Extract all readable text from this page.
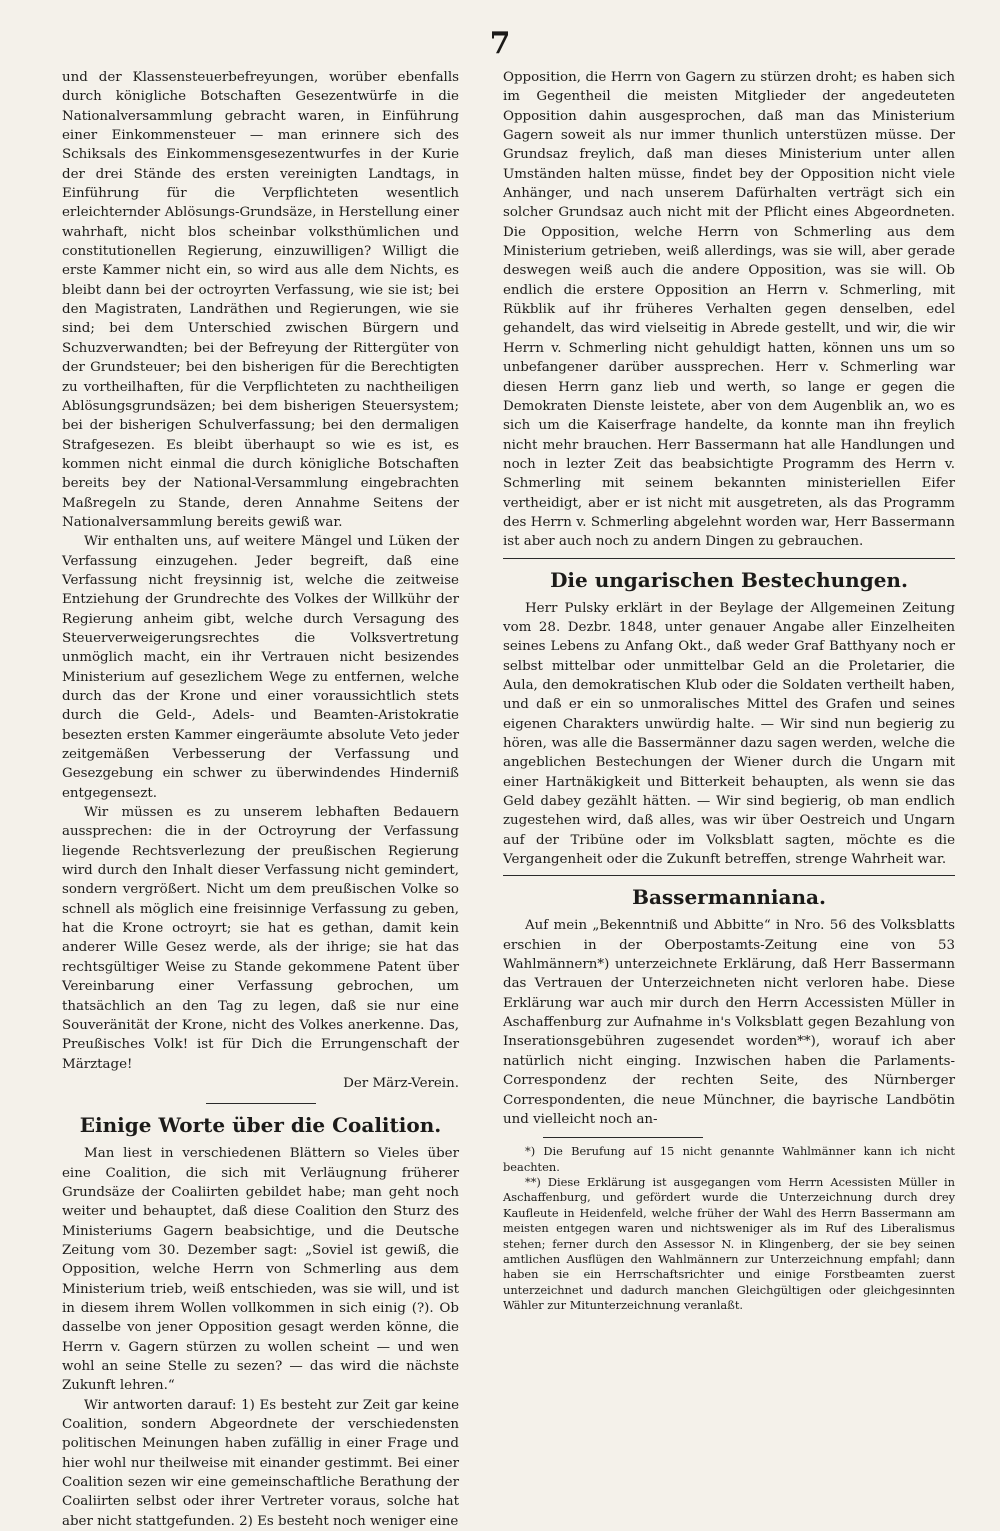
7

und der Klassensteuerbefreyungen, worüber ebenfalls durch königliche Botschaften Gesezentwürfe in die Nationalversammlung gebracht waren, in Einführung einer Einkommensteuer — man erinnere sich des Schiksals des Einkommensgesezentwurfes in der Kurie der drei Stände des ersten vereinigten Landtags, in Einführung für die Verpflichteten wesentlich erleichternder Ablösungs-Grundsäze, in Herstellung einer wahrhaft, nicht blos scheinbar volksthümlichen und constitutionellen Regierung, einzuwilligen? Willigt die erste Kammer nicht ein, so wird aus alle dem Nichts, es bleibt dann bei der octroyrten Verfassung, wie sie ist; bei den Magistraten, Landräthen und Regierungen, wie sie sind; bei dem Unterschied zwischen Bürgern und Schuzverwandten; bei der Befreyung der Rittergüter von der Grundsteuer; bei den bisherigen für die Berechtigten zu vortheilhaften, für die Verpflichteten zu nachtheiligen Ablösungsgrundsäzen; bei dem bisherigen Steuersystem; bei der bisherigen Schulverfassung; bei den dermaligen Strafgesezen. Es bleibt überhaupt so wie es ist, es kommen nicht einmal die durch königliche Botschaften bereits bey der National-Versammlung eingebrachten Maßregeln zu Stande, deren Annahme Seitens der Nationalversammlung bereits gewiß war.

Wir enthalten uns, auf weitere Mängel und Lüken der Verfassung einzugehen. Jeder begreift, daß eine Verfassung nicht freysinnig ist, welche die zeitweise Entziehung der Grundrechte des Volkes der Willkühr der Regierung anheim gibt, welche durch Versagung des Steuerverweigerungsrechtes die Volksvertretung unmöglich macht, ein ihr Vertrauen nicht besizendes Ministerium auf gesezlichem Wege zu entfernen, welche durch das der Krone und einer voraussichtlich stets durch die Geld-, Adels- und Beamten-Aristokratie besezten ersten Kammer eingeräumte absolute Veto jeder zeitgemäßen Verbesserung der Verfassung und Gesezgebung ein schwer zu überwindendes Hinderniß entgegensezt.

Wir müssen es zu unserem lebhaften Bedauern aussprechen: die in der Octroyrung der Verfassung liegende Rechtsverlezung der preußischen Regierung wird durch den Inhalt dieser Verfassung nicht gemindert, sondern vergrößert. Nicht um dem preußischen Volke so schnell als möglich eine freisinnige Verfassung zu geben, hat die Krone octroyrt; sie hat es gethan, damit kein anderer Wille Gesez werde, als der ihrige; sie hat das rechtsgültiger Weise zu Stande gekommene Patent über Vereinbarung einer Verfassung gebrochen, um thatsächlich an den Tag zu legen, daß sie nur eine Souveränität der Krone, nicht des Volkes anerkenne. Das, Preußisches Volk! ist für Dich die Errungenschaft der Märztage!

Der März-Verein.

Einige Worte über die Coalition.

Man liest in verschiedenen Blättern so Vieles über eine Coalition, die sich mit Verläugnung früherer Grundsäze der Coaliirten gebildet habe; man geht noch weiter und behauptet, daß diese Coalition den Sturz des Ministeriums Gagern beabsichtige, und die Deutsche Zeitung vom 30. Dezember sagt: „Soviel ist gewiß, die Opposition, welche Herrn von Schmerling aus dem Ministerium trieb, weiß entschieden, was sie will, und ist in diesem ihrem Wollen vollkommen in sich einig (?). Ob dasselbe von jener Opposition gesagt werden könne, die Herrn v. Gagern stürzen zu wollen scheint — und wen wohl an seine Stelle zu sezen? — das wird die nächste Zukunft lehren.“

Wir antworten darauf: 1) Es besteht zur Zeit gar keine Coalition, sondern Abgeordnete der verschiedensten politischen Meinungen haben zufällig in einer Frage und hier wohl nur theilweise mit einander gestimmt. Bei einer Coalition sezen wir eine gemeinschaftliche Berathung der Coaliirten selbst oder ihrer Vertreter voraus, solche hat aber nicht stattgefunden. 2) Es besteht noch weniger eine

Opposition, die Herrn von Gagern zu stürzen droht; es haben sich im Gegentheil die meisten Mitglieder der angedeuteten Opposition dahin ausgesprochen, daß man das Ministerium Gagern soweit als nur immer thunlich unterstüzen müsse. Der Grundsaz freylich, daß man dieses Ministerium unter allen Umständen halten müsse, findet bey der Opposition nicht viele Anhänger, und nach unserem Dafürhalten verträgt sich ein solcher Grundsaz auch nicht mit der Pflicht eines Abgeordneten. Die Opposition, welche Herrn von Schmerling aus dem Ministerium getrieben, weiß allerdings, was sie will, aber gerade deswegen weiß auch die andere Opposition, was sie will. Ob endlich die erstere Opposition an Herrn v. Schmerling, mit Rükblik auf ihr früheres Verhalten gegen denselben, edel gehandelt, das wird vielseitig in Abrede gestellt, und wir, die wir Herrn v. Schmerling nicht gehuldigt hatten, können uns um so unbefangener darüber aussprechen. Herr v. Schmerling war diesen Herrn ganz lieb und werth, so lange er gegen die Demokraten Dienste leistete, aber von dem Augenblik an, wo es sich um die Kaiserfrage handelte, da konnte man ihn freylich nicht mehr brauchen. Herr Bassermann hat alle Handlungen und noch in lezter Zeit das beabsichtigte Programm des Herrn v. Schmerling mit seinem bekannten ministeriellen Eifer vertheidigt, aber er ist nicht mit ausgetreten, als das Programm des Herrn v. Schmerling abgelehnt worden war, Herr Bassermann ist aber auch noch zu andern Dingen zu gebrauchen.

Die ungarischen Bestechungen.

Herr Pulsky erklärt in der Beylage der Allgemeinen Zeitung vom 28. Dezbr. 1848, unter genauer Angabe aller Einzelheiten seines Lebens zu Anfang Okt., daß weder Graf Batthyany noch er selbst mittelbar oder unmittelbar Geld an die Proletarier, die Aula, den demokratischen Klub oder die Soldaten vertheilt haben, und daß er ein so unmoralisches Mittel des Grafen und seines eigenen Charakters unwürdig halte. — Wir sind nun begierig zu hören, was alle die Bassermänner dazu sagen werden, welche die angeblichen Bestechungen der Wiener durch die Ungarn mit einer Hartnäkigkeit und Bitterkeit behaupten, als wenn sie das Geld dabey gezählt hätten. — Wir sind begierig, ob man endlich zugestehen wird, daß alles, was wir über Oestreich und Ungarn auf der Tribüne oder im Volksblatt sagten, möchte es die Vergangenheit oder die Zukunft betreffen, strenge Wahrheit war.

Bassermanniana.

Auf mein „Bekenntniß und Abbitte“ in Nro. 56 des Volksblatts erschien in der Oberpostamts-Zeitung eine von 53 Wahlmännern*) unterzeichnete Erklärung, daß Herr Bassermann das Vertrauen der Unterzeichneten nicht verloren habe. Diese Erklärung war auch mir durch den Herrn Accessisten Müller in Aschaffenburg zur Aufnahme in's Volksblatt gegen Bezahlung von Inserationsgebühren zugesendet worden**), worauf ich aber natürlich nicht einging. Inzwischen haben die Parlaments-Correspondenz der rechten Seite, des Nürnberger Correspondenten, die neue Münchner, die bayrische Landbötin und vielleicht noch an-

*) Die Berufung auf 15 nicht genannte Wahlmänner kann ich nicht beachten.

**) Diese Erklärung ist ausgegangen vom Herrn Acessisten Müller in Aschaffenburg, und gefördert wurde die Unterzeichnung durch drey Kaufleute in Heidenfeld, welche früher der Wahl des Herrn Bassermann am meisten entgegen waren und nichtsweniger als im Ruf des Liberalismus stehen; ferner durch den Assessor N. in Klingenberg, der sie bey seinen amtlichen Ausflügen den Wahlmännern zur Unterzeichnung empfahl; dann haben sie ein Herrschaftsrichter und einige Forstbeamten zuerst unterzeichnet und dadurch manchen Gleichgültigen oder gleichgesinnten Wähler zur Mitunterzeichnung veranlaßt.
